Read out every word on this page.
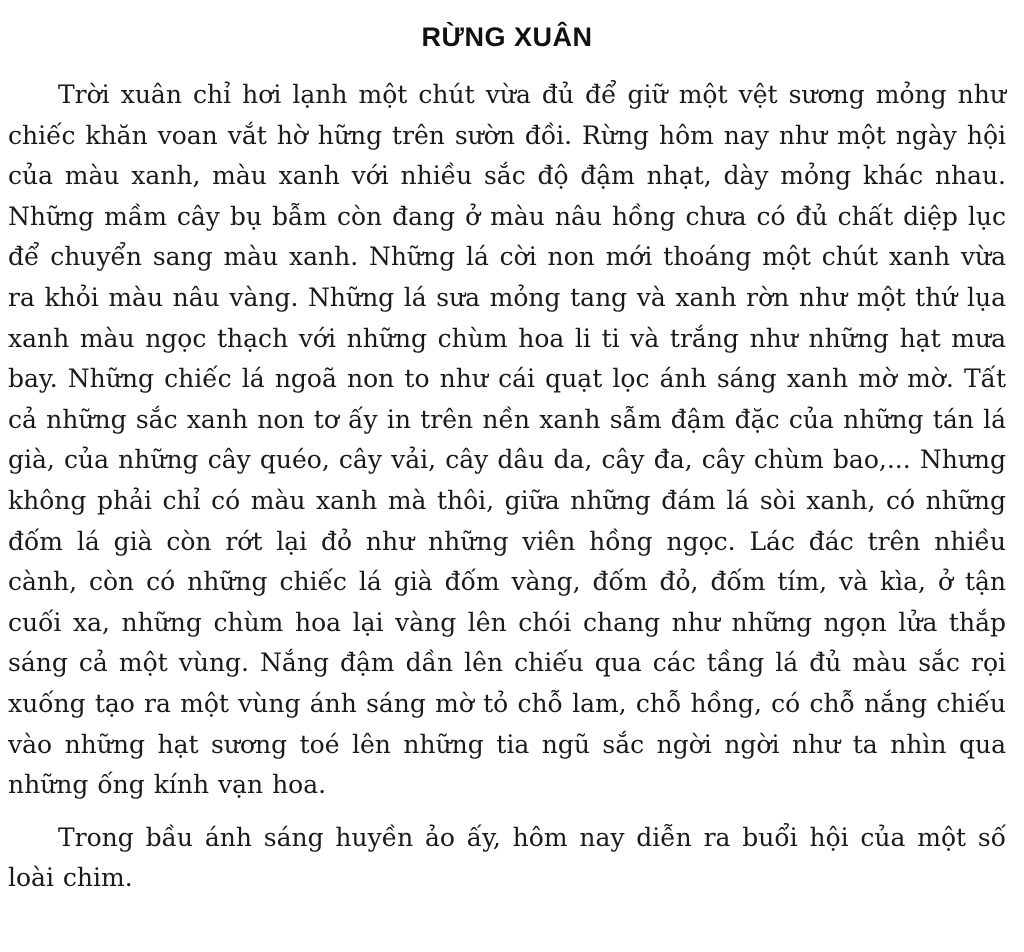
RỪNG XUÂN

Trời xuân chỉ hơi lạnh một chút vừa đủ để giữ một vệt sương mỏng như chiếc khăn voan vắt hờ hững trên sườn đồi. Rừng hôm nay như một ngày hội của màu xanh, màu xanh với nhiều sắc độ đậm nhạt, dày mỏng khác nhau. Những mầm cây bụ bẫm còn đang ở màu nâu hồng chưa có đủ chất diệp lục để chuyển sang màu xanh. Những lá cời non mới thoáng một chút xanh vừa ra khỏi màu nâu vàng. Những lá sưa mỏng tang và xanh rờn như một thứ lụa xanh màu ngọc thạch với những chùm hoa li ti và trắng như những hạt mưa bay. Những chiếc lá ngoã non to như cái quạt lọc ánh sáng xanh mờ mờ. Tất cả những sắc xanh non tơ ấy in trên nền xanh sẫm đậm đặc của những tán lá già, của những cây quéo, cây vải, cây dâu da, cây đa, cây chùm bao,... Nhưng không phải chỉ có màu xanh mà thôi, giữa những đám lá sòi xanh, có những đốm lá già còn rớt lại đỏ như những viên hồng ngọc. Lác đác trên nhiều cành, còn có những chiếc lá già đốm vàng, đốm đỏ, đốm tím, và kìa, ở tận cuối xa, những chùm hoa lại vàng lên chói chang như những ngọn lửa thắp sáng cả một vùng. Nắng đậm dần lên chiếu qua các tầng lá đủ màu sắc rọi xuống tạo ra một vùng ánh sáng mờ tỏ chỗ lam, chỗ hồng, có chỗ nắng chiếu vào những hạt sương toé lên những tia ngũ sắc ngời ngời như ta nhìn qua những ống kính vạn hoa.

Trong bầu ánh sáng huyền ảo ấy, hôm nay diễn ra buổi hội của một số loài chim.
